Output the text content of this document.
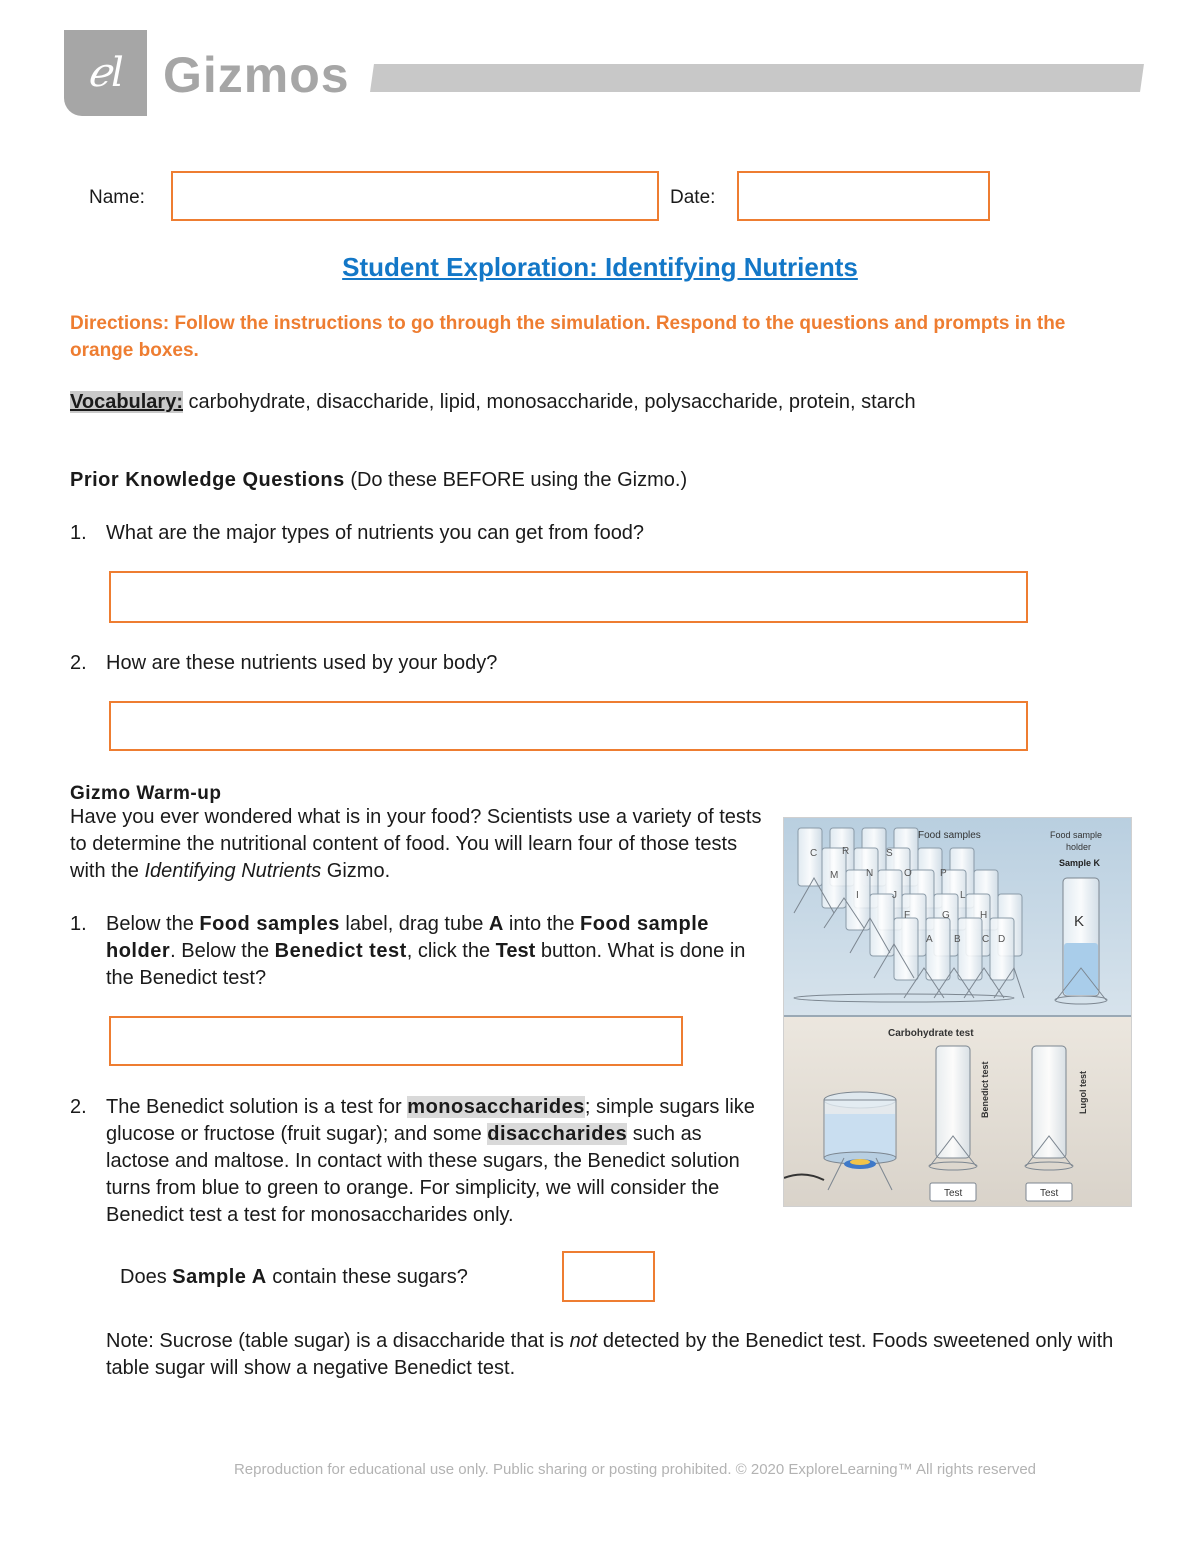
ℯl Gizmos
Name:	Date:
Student Exploration: Identifying Nutrients
Directions: Follow the instructions to go through the simulation. Respond to the questions and prompts in the orange boxes.
Vocabulary: carbohydrate, disaccharide, lipid, monosaccharide, polysaccharide, protein, starch
Prior Knowledge Questions (Do these BEFORE using the Gizmo.)
1. What are the major types of nutrients you can get from food?
2. How are these nutrients used by your body?
Gizmo Warm-up
Have you ever wondered what is in your food? Scientists use a variety of tests to determine the nutritional content of food. You will learn four of those tests with the Identifying Nutrients Gizmo.
1. Below the Food samples label, drag tube A into the Food sample holder. Below the Benedict test, click the Test button. What is done in the Benedict test?
2. The Benedict solution is a test for monosaccharides; simple sugars like glucose or fructose (fruit sugar); and some disaccharides such as lactose and maltose. In contact with these sugars, the Benedict solution turns from blue to green to orange. For simplicity, we will consider the Benedict test a test for monosaccharides only.
Does Sample A contain these sugars?
Note: Sucrose (table sugar) is a disaccharide that is not detected by the Benedict test. Foods sweetened only with table sugar will show a negative Benedict test.
C R	S
M	N	O	P
I	J	L
F	G	H
A B C D
Food samples	Food sample
holder
Sample K
K
Carbohydrate test
Benedict test	Lugol test
Test	Test
Reproduction for educational use only. Public sharing or posting prohibited. © 2020 ExploreLearning™ All rights reserved
